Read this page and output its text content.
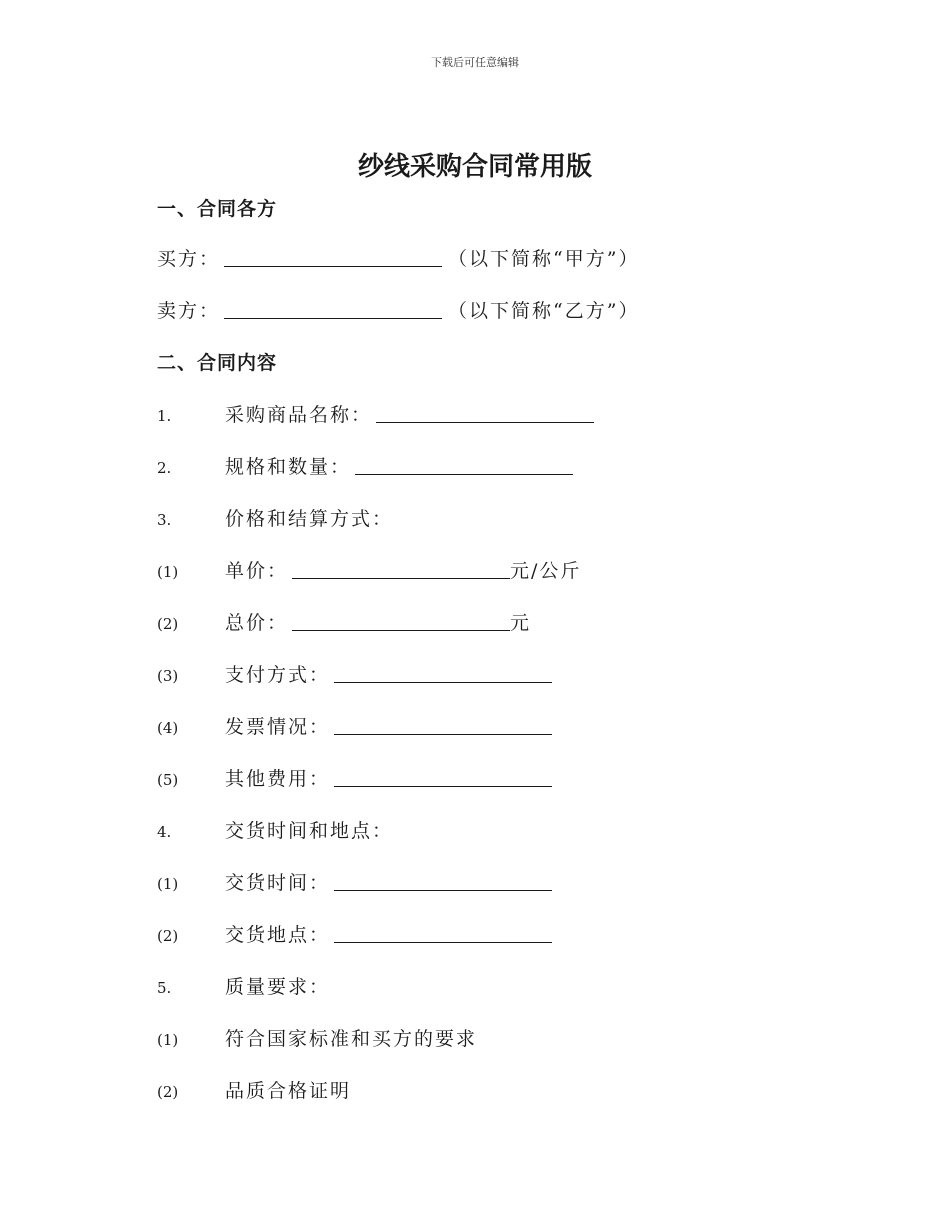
下载后可任意编辑
纱线采购合同常用版
一、合同各方
买方：	（以下简称“甲方”）
卖方：	（以下简称“乙方”）
二、合同内容
1.	采购商品名称：
2.	规格和数量：
3.	价格和结算方式：
(1)	单价：	元/公斤
(2)	总价：	元
(3)	支付方式：
(4)	发票情况：
(5)	其他费用：
4.	交货时间和地点：
(1)	交货时间：
(2)	交货地点：
5.	质量要求：
(1)	符合国家标准和买方的要求
(2)	品质合格证明
